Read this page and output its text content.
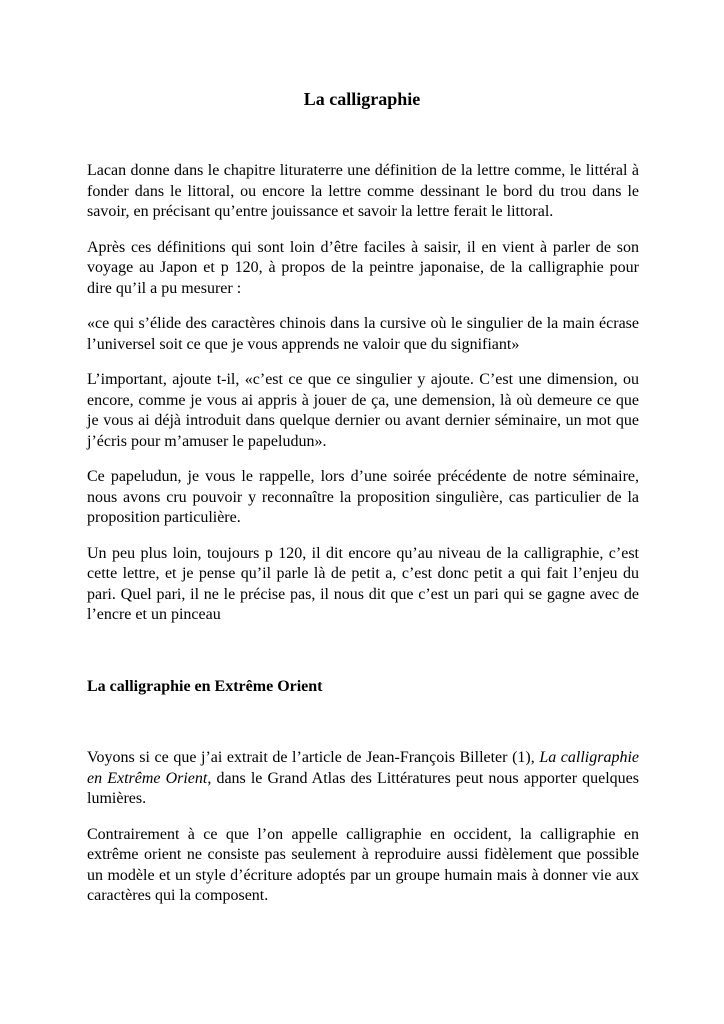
La calligraphie

Lacan donne dans le chapitre lituraterre une définition de la lettre comme, le littéral à fonder dans le littoral, ou encore la lettre comme dessinant le bord du trou dans le savoir, en précisant qu’entre jouissance et savoir la lettre ferait le littoral.

Après ces définitions qui sont loin d’être faciles à saisir, il en vient à parler de son voyage au Japon et p 120, à propos de la peintre japonaise, de la calligraphie pour dire qu’il a pu mesurer :

«ce qui s’élide des caractères chinois dans la cursive où le singulier de la main écrase l’universel soit ce que je vous apprends ne valoir que du signifiant»

L’important, ajoute t-il, «c’est ce que ce singulier y ajoute. C’est une dimension, ou encore, comme je vous ai appris à jouer de ça, une demension, là où demeure ce que je vous ai déjà introduit dans quelque dernier ou avant dernier séminaire, un mot que j’écris pour m’amuser le papeludun».

Ce papeludun, je vous le rappelle, lors d’une soirée précédente de notre séminaire, nous avons cru pouvoir y reconnaître la proposition singulière, cas particulier de la proposition particulière.

Un peu plus loin, toujours p 120, il dit encore qu’au niveau de la calligraphie, c’est cette lettre, et je pense qu’il parle là de petit a, c’est donc petit a qui fait l’enjeu du pari. Quel pari, il ne le précise pas, il nous dit que c’est un pari qui se gagne avec de l’encre et un pinceau

La calligraphie en Extrême Orient

Voyons si ce que j’ai extrait de l’article de Jean-François Billeter (1), La calligraphie en Extrême Orient, dans le Grand Atlas des Littératures peut nous apporter quelques lumières.

Contrairement à ce que l’on appelle calligraphie en occident, la calligraphie en extrême orient ne consiste pas seulement à reproduire aussi fidèlement que possible un modèle et un style d’écriture adoptés par un groupe humain mais à donner vie aux caractères qui la composent.
